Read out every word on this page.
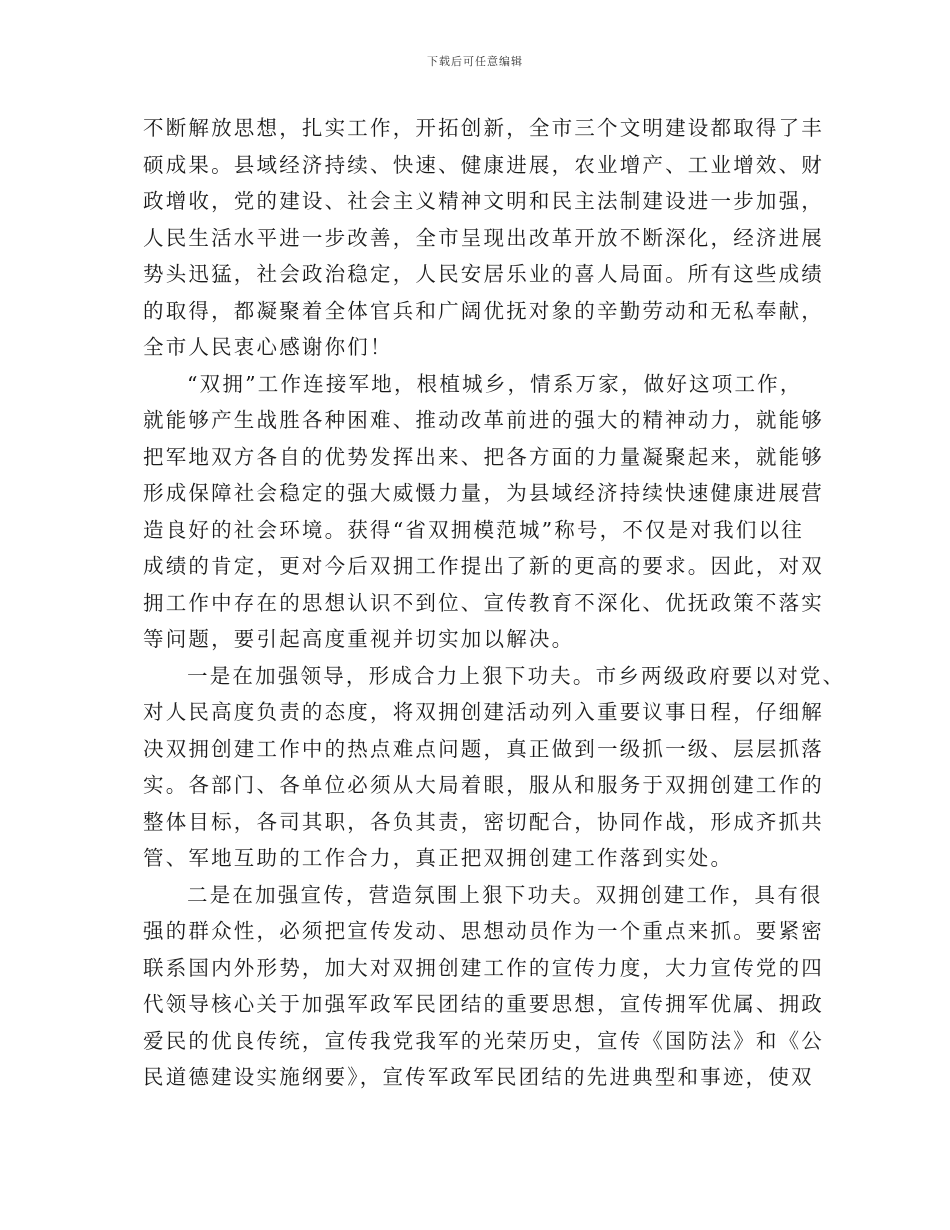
下载后可任意编辑
不断解放思想，扎实工作，开拓创新，全市三个文明建设都取得了丰
硕成果。县域经济持续、快速、健康进展，农业增产、工业增效、财
政增收，党的建设、社会主义精神文明和民主法制建设进一步加强，
人民生活水平进一步改善，全市呈现出改革开放不断深化，经济进展
势头迅猛，社会政治稳定，人民安居乐业的喜人局面。所有这些成绩
的取得，都凝聚着全体官兵和广阔优抚对象的辛勤劳动和无私奉献，
全市人民衷心感谢你们！
“双拥”工作连接军地，根植城乡，情系万家，做好这项工作，
就能够产生战胜各种困难、推动改革前进的强大的精神动力，就能够
把军地双方各自的优势发挥出来、把各方面的力量凝聚起来，就能够
形成保障社会稳定的强大威慑力量，为县域经济持续快速健康进展营
造良好的社会环境。获得“省双拥模范城”称号，不仅是对我们以往
成绩的肯定，更对今后双拥工作提出了新的更高的要求。因此，对双
拥工作中存在的思想认识不到位、宣传教育不深化、优抚政策不落实
等问题，要引起高度重视并切实加以解决。
一是在加强领导，形成合力上狠下功夫。市乡两级政府要以对党、
对人民高度负责的态度，将双拥创建活动列入重要议事日程，仔细解
决双拥创建工作中的热点难点问题，真正做到一级抓一级、层层抓落
实。各部门、各单位必须从大局着眼，服从和服务于双拥创建工作的
整体目标，各司其职，各负其责，密切配合，协同作战，形成齐抓共
管、军地互助的工作合力，真正把双拥创建工作落到实处。
二是在加强宣传，营造氛围上狠下功夫。双拥创建工作，具有很
强的群众性，必须把宣传发动、思想动员作为一个重点来抓。要紧密
联系国内外形势，加大对双拥创建工作的宣传力度，大力宣传党的四
代领导核心关于加强军政军民团结的重要思想，宣传拥军优属、拥政
爱民的优良传统，宣传我党我军的光荣历史，宣传《国防法》和《公
民道德建设实施纲要》，宣传军政军民团结的先进典型和事迹，使双
